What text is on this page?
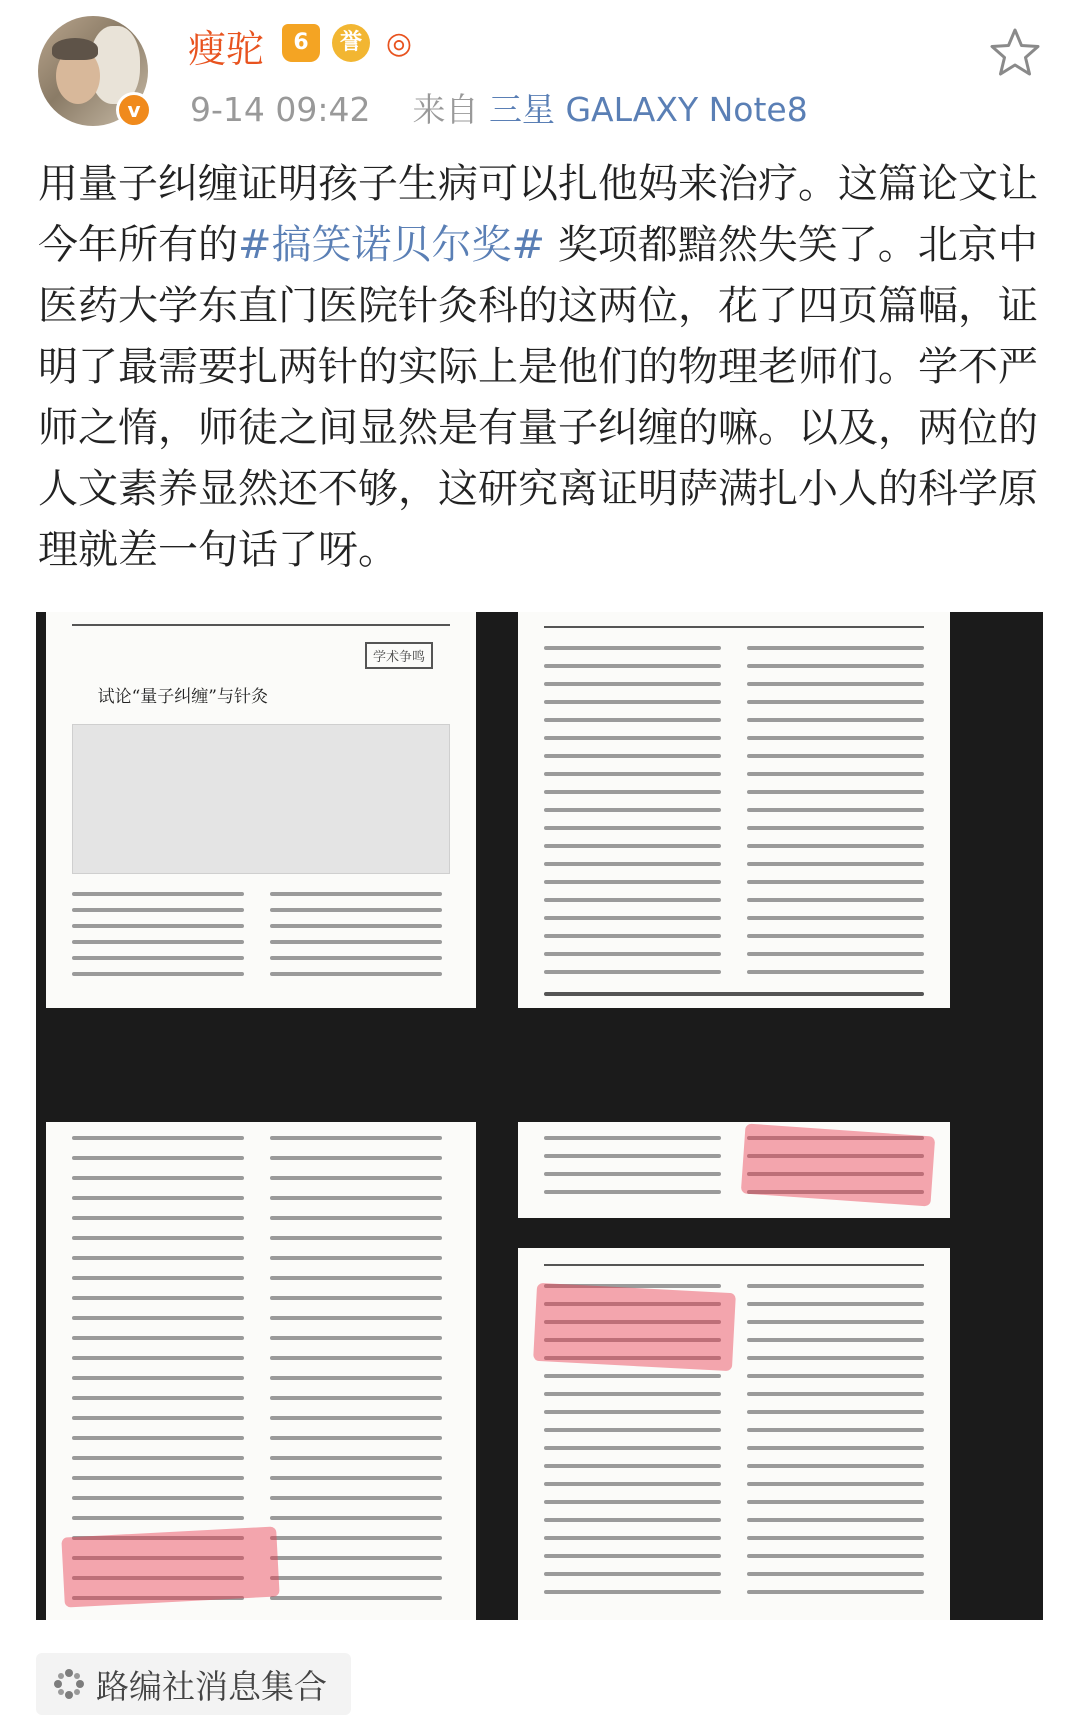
v
瘦驼	6	誉 ◎
9-14 09:42 来自 三星 GALAXY Note8
用量子纠缠证明孩子生病可以扎他妈来治疗。这篇论文让今年所有的#搞笑诺贝尔奖# 奖项都黯然失笑了。北京中医药大学东直门医院针灸科的这两位，花了四页篇幅，证明了最需要扎两针的实际上是他们的物理老师们。学不严师之惰，师徒之间显然是有量子纠缠的嘛。以及，两位的人文素养显然还不够，这研究离证明萨满扎小人的科学原理就差一句话了呀。
学术争鸣
试论“量子纠缠”与针灸
路编社消息集合
